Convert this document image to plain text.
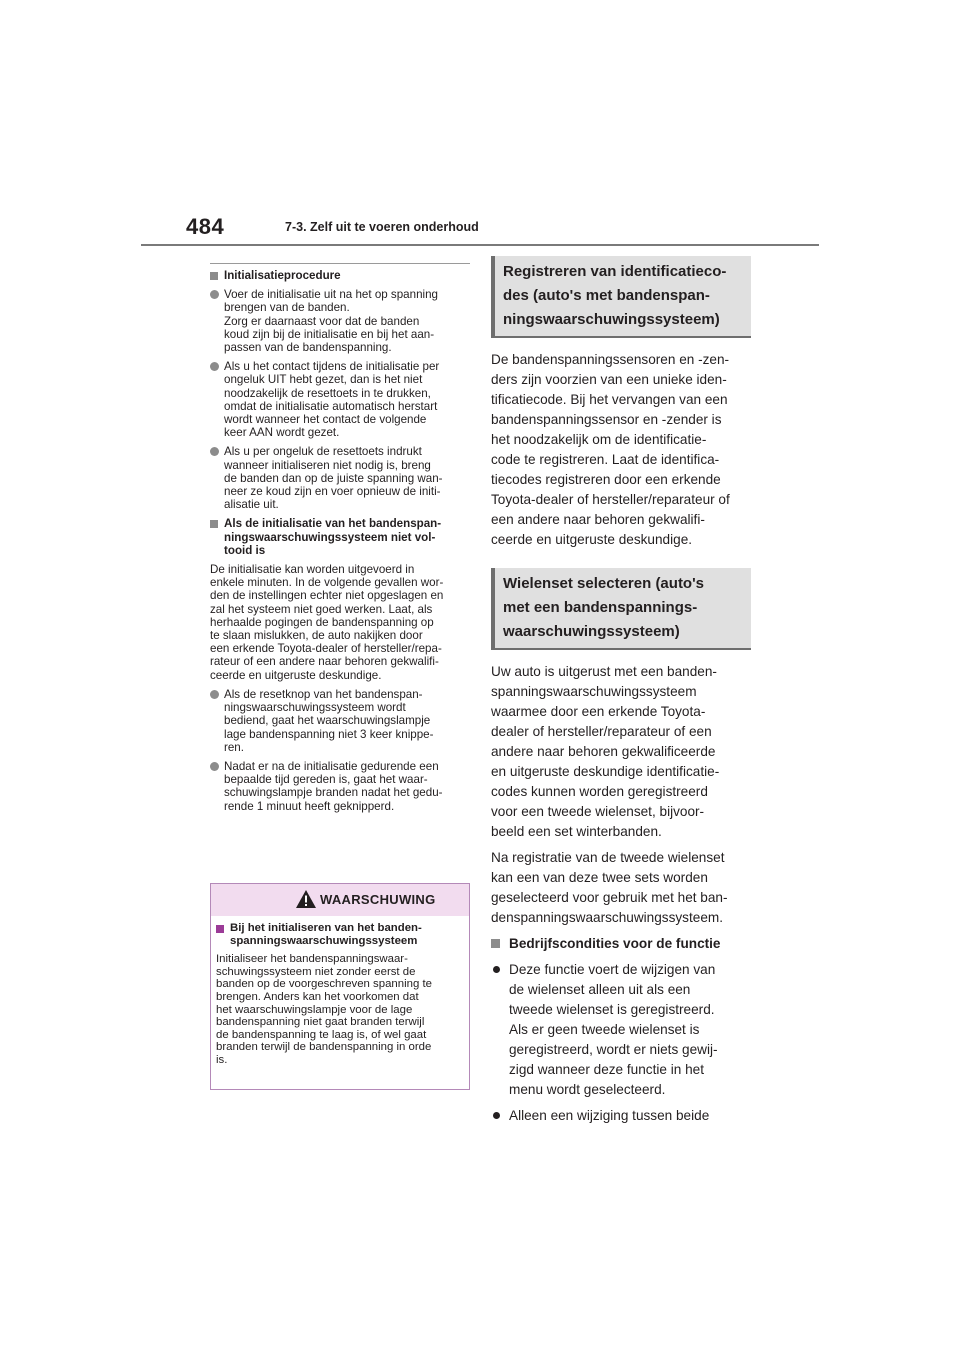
484	7-3. Zelf uit te voeren onderhoud
Initialisatieprocedure
Voer de initialisatie uit na het op spanning
brengen van de banden.
Zorg er daarnaast voor dat de banden
koud zijn bij de initialisatie en bij het aan-
passen van de bandenspanning.
Als u het contact tijdens de initialisatie per
ongeluk UIT hebt gezet, dan is het niet
noodzakelijk de resettoets in te drukken,
omdat de initialisatie automatisch herstart
wordt wanneer het contact de volgende
keer AAN wordt gezet.
Als u per ongeluk de resettoets indrukt
wanneer initialiseren niet nodig is, breng
de banden dan op de juiste spanning wan-
neer ze koud zijn en voer opnieuw de initi-
alisatie uit.
Als de initialisatie van het bandenspan-
ningswaarschuwingssysteem niet vol-
tooid is
De initialisatie kan worden uitgevoerd in
enkele minuten. In de volgende gevallen wor-
den de instellingen echter niet opgeslagen en
zal het systeem niet goed werken. Laat, als
herhaalde pogingen de bandenspanning op
te slaan mislukken, de auto nakijken door
een erkende Toyota-dealer of hersteller/repa-
rateur of een andere naar behoren gekwalifi-
ceerde en uitgeruste deskundige.
Als de resetknop van het bandenspan-
ningswaarschuwingssysteem wordt
bediend, gaat het waarschuwingslampje
lage bandenspanning niet 3 keer knippe-
ren.
Nadat er na de initialisatie gedurende een
bepaalde tijd gereden is, gaat het waar-
schuwingslampje branden nadat het gedu-
rende 1 minuut heeft geknipperd.
WAARSCHUWING
Bij het initialiseren van het banden-
spanningswaarschuwingssysteem
Initialiseer het bandenspanningswaar-
schuwingssysteem niet zonder eerst de
banden op de voorgeschreven spanning te
brengen. Anders kan het voorkomen dat
het waarschuwingslampje voor de lage
bandenspanning niet gaat branden terwijl
de bandenspanning te laag is, of wel gaat
branden terwijl de bandenspanning in orde
is.
Registreren van identificatieco-
des (auto's met bandenspan-
ningswaarschuwingssysteem)
De bandenspanningssensoren en -zen-
ders zijn voorzien van een unieke iden-
tificatiecode. Bij het vervangen van een
bandenspanningssensor en -zender is
het noodzakelijk om de identificatie-
code te registreren. Laat de identifica-
tiecodes registreren door een erkende
Toyota-dealer of hersteller/reparateur of
een andere naar behoren gekwalifi-
ceerde en uitgeruste deskundige.
Wielenset selecteren (auto's
met een bandenspannings-
waarschuwingssysteem)
Uw auto is uitgerust met een banden-
spanningswaarschuwingssysteem
waarmee door een erkende Toyota-
dealer of hersteller/reparateur of een
andere naar behoren gekwalificeerde
en uitgeruste deskundige identificatie-
codes kunnen worden geregistreerd
voor een tweede wielenset, bijvoor-
beeld een set winterbanden.
Na registratie van de tweede wielenset
kan een van deze twee sets worden
geselecteerd voor gebruik met het ban-
denspanningswaarschuwingssysteem.
Bedrijfscondities voor de functie
Deze functie voert de wijzigen van
de wielenset alleen uit als een
tweede wielenset is geregistreerd.
Als er geen tweede wielenset is
geregistreerd, wordt er niets gewij-
zigd wanneer deze functie in het
menu wordt geselecteerd.
Alleen een wijziging tussen beide
